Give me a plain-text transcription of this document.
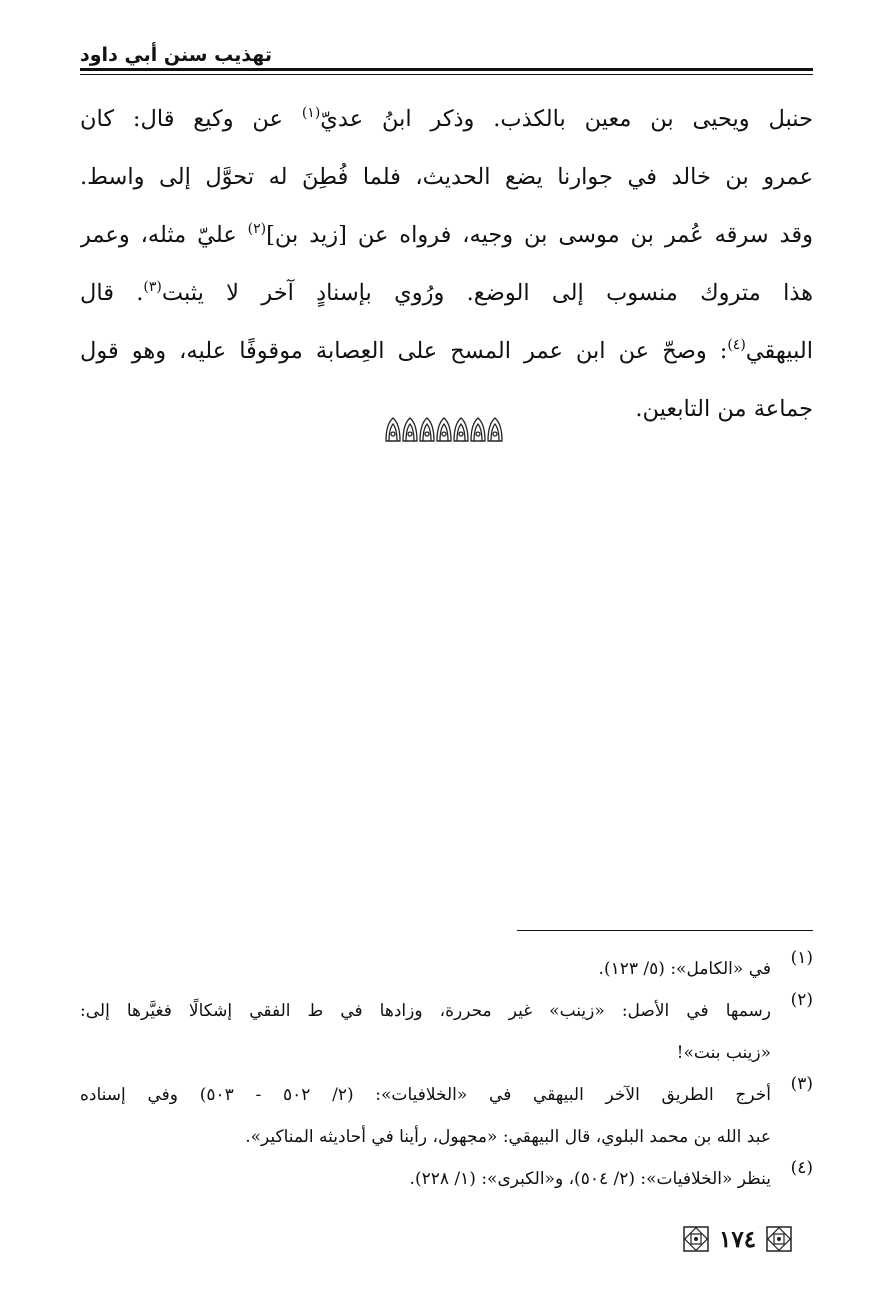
تهذيب سنن أبي داود
حنبل ويحيى بن معين بالكذب. وذكر ابنُ عديّ$^{(١)}$ عن وكيع قال: كان
عمرو بن خالد في جوارنا يضع الحديث، فلما فُطِنَ له تحوَّل إلى واسط.
وقد سرقه عُمر بن موسى بن وجيه، فرواه عن [زيد بن]$^{(٢)}$ عليّ مثله، وعمر
هذا متروك منسوب إلى الوضع. ورُوي بإسنادٍ آخر لا يثبت$^{(٣)}$. قال
البيهقي$^{(٤)}$: وصحّ عن ابن عمر المسح على العِصابة موقوفًا عليه، وهو قول
جماعة من التابعين.
(١)
في «الكامل»: (٥/ ١٢٣).
(٢)
رسمها في الأصل: «زينب» غير محررة، وزادها في ط الفقي إشكالًا فغيَّرها إلى:
«زينب بنت»!
(٣)
أخرج الطريق الآخر البيهقي في «الخلافيات»: (٢/ ٥٠٢ - ٥٠٣) وفي إسناده
عبد الله بن محمد البلوي، قال البيهقي: «مجهول، رأينا في أحاديثه المناكير».
(٤)
ينظر «الخلافيات»: (٢/ ٥٠٤)، و«الكبرى»: (١/ ٢٢٨).
١٧٤
